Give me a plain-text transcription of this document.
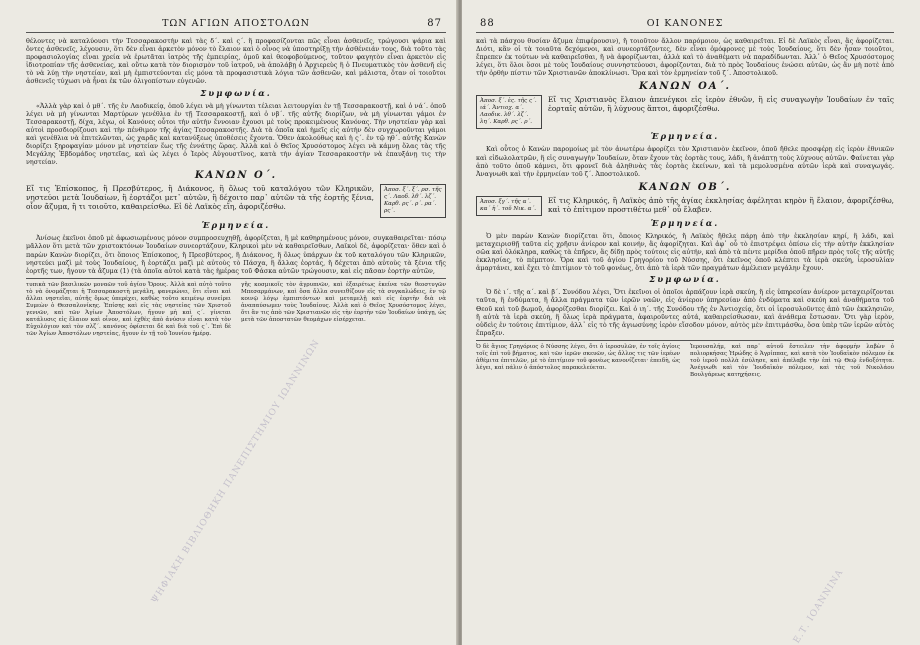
ΤΩΝ ΑΓΙΩΝ ΑΠΟΣΤΟΛΩΝ	87

θέλοντες νὰ καταλύουσι τὴν Τεσσαρακοστὴν καὶ τὰς δ΄. καὶ ς΄. ἢ προφασίζονται πῶς εἶναι ἀσθενεῖς, τρώγουσι ψάρια καὶ ὄντες ἀσθενεῖς, λέγουσιν, ὅτι δὲν εἶναι ἀρκετὸν μόνον τὸ ἔλαιον καὶ ὁ οἶνος νὰ ὑποστηρίξῃ τὴν ἀσθένειάν τους, διὰ τοῦτο τὰς προφασιολογίας εἶναι χρεία νὰ ἐρωτᾶται ἰατρὸς τῆς ἐμπειρίας, ὁμοῦ καὶ θεοφοβούμενος, τοῦτον φαγητὸν εἶναι ἀρκετὸν εἰς ἰδιοτροπίαν τῆς ἀσθενείας, καὶ οὕτω κατὰ τὸν διορισμὸν τοῦ ἰατροῦ, νὰ ἀπολάβῃ ὁ Ἀρχιερεὺς ἢ ὁ Πνευματικὸς τὸν ἀσθενῆ εἰς τὸ νὰ λύῃ τὴν νηστείαν, καὶ μὴ ἐμπιστεύονται εἰς μόνα τὰ προφασιστικὰ λόγια τῶν ἀσθενῶν, καὶ μάλιστα, ὅταν οἱ τοιοῦτοι ἀσθενεῖς τύχωσι νὰ ἦναι ἐκ τῶν ὀλιγοπίστων εὐγενῶν.

Συμφωνία.

«Ἀλλὰ γὰρ καὶ ὁ μθ΄. τῆς ἐν Λαοδικείᾳ, ὁποῦ λέγει νὰ μὴ γίνωνται τέλειαι λειτουργίαι ἐν τῇ Τεσσαρακοστῇ, καὶ ὁ νά΄. ὁποῦ λέγει νὰ μὴ γίνωνται Μαρτύρων γενέθλια ἐν τῇ Τεσσαρακοστῇ, καὶ ὁ νβ΄. τῆς αὐτῆς διορίζων, νὰ μὴ γίνωνται γάμοι ἐν Τεσσαρακοστῇ, δίχα, λέγω, οἱ Κανόνες οὗτοι τὴν αὐτὴν ἔννοιαν ἔχουσι μὲ τοὺς προκειμένους Κανόνας. Τὴν νηστείαν γὰρ καὶ αὐτοὶ προσδιορίζουσι καὶ τὴν πένθιμον τῆς ἁγίας Τεσσαρακοστῆς. Διὰ τὰ ὁποῖα καὶ ἡμεῖς εἰς αὐτὴν δὲν συγχωροῦνται γάμοι καὶ γενέθλια νὰ ἑπιτελῶνται, ὡς χαρᾶς καὶ κατανύξεως ὑποθέσεις ἔχοντα. Ὅθεν ἀκολούθως καὶ ἡ ς΄. ἐν τῷ ηθ΄. αὐτῆς Κανὼν διορίζει ξηροφαγίαν μόνον μὲ νηστείαν ἕως τῆς ἐννάτης ὥρας. Ἀλλὰ καὶ ὁ Θεῖος Χρυσόστομος λέγει νὰ κάμνῃ ὅλας τὰς τῆς Μεγάλης Ἑβδομάδος νηστεῖας, καὶ ὡς λέγει ὁ Ἱερὸς Αὐγουστῖνος, κατὰ τὴν ἁγίαν Τεσσαρακοστὴν νὰ ἐπαυξάνῃ τις τὴν νηστείαν.

ΚΑΝΩΝ Ο΄.
Εἴ τις Ἐπίσκοπος, ἢ Πρεσβύτερος, ἢ Διάκονος, ἢ ὅλως τοῦ καταλόγου τῶν Κληρικῶν, νηστεύοι μετὰ Ἰουδαίων, ἢ ἑορτάζοι μετ᾽ αὐτῶν, ἢ δέχοιτο παρ᾽ αὐτῶν τὰ τῆς ἑορτῆς ξένια, οἷον ἄζυμα, ἢ τι τοιοῦτο, καθαιρείσθω. Εἰ δὲ Λαϊκὸς εἴη, ἀφοριζέσθω.
Ἀποσ. ξ΄. ξ΄. ρσ. τῆς ς΄. Λαοδ. λθ΄. λζ΄. Καρθ. ρς΄. ρ΄. ρα΄. ρς΄.
Ἑρμηνεία.

Ἀνίσως ἐκεῖνοι ὁποῦ μὲ ἀφωσιωμένους μόνον συμπροσευχηθῇ, ἀφορίζεται, ἢ μὲ καθηρημένους μόνον, συγκαθαιρεῖται· πόσῳ μᾶλλον ὅτι μετὰ τῶν χριστοκτόνων Ἰουδαίων συνεορτάζουν, Κληρικοὶ μὲν νὰ καθαιρεῖσθων, Λαϊκοὶ δὲ, ἀφορίζεται· ὅθεν καὶ ὁ παρὼν Κανὼν διορίζει, ὅτι ὅποιος Ἐπίσκοπος, ἢ Πρεσβύτερος, ἢ Διάκονος, ἢ ὅλως ὑπάρχων ἐκ τοῦ καταλόγου τῶν Κληρικῶν, νηστεύει μαζὶ μὲ τοὺς Ἰουδαίους, ἢ ἑορτάζει μαζὶ μὲ αὐτοὺς τὸ Πάσχα, ἢ ἄλλας ἑορτάς, ἢ δέχεται ἀπὸ αὐτοὺς τὰ ξένια τῆς ἑορτῆς των, ἤγουν τὰ ἄζυμα (1) (τὰ ὁποῖα αὐτοὶ κατὰ τὰς ἡμέρας τοῦ Φάσκα αὐτῶν τρώγουσιν, καὶ εἰς πᾶσαν ἑορτὴν αὐτῶν,

τυπικὰ τῶν βασιλικῶν μοναῶν τοῦ ἁγίου Ὄρους. Ἀλλὰ καὶ αὐτὸ τοῦτο τὸ νὰ ὀνομάζηται ἡ Τεσσαρακοστὴ μεγάλη, φανερώνει, ὅτι εἶναι καὶ ἄλλαι νηστεῖαι, αὐτῆς ὅμως ὑπερέχει, καθὼς τοῦτο κειμένῳ συνείρει Συμεὼν ὁ Θεσσαλονίκης. Ἐπίσης καὶ εἰς τὰς νηστείας τῶν Χριστοῦ γεννῶν, καὶ τῶν Ἁγίων Ἀποστόλων, ἤγουν μὴ καὶ ς΄. γίνεται κατάλυσις εἰς ἔλαιον καὶ οἶνον, καὶ ἐχθὲς ἀπὸ ἀνύσιν εἶναι κατὰ τὸν Εὐχολόγιον καὶ τὸν σλζ΄. κανόνος ὀφίσεται δὲ καὶ διὰ τοῦ ς΄. Ἐπὶ δὲ τῶν Ἁγίων Ἀποστόλων νηστείας, ἤγουν ἐν τῇ τοῦ Ἰουνίου ἡμέρᾳ.

γῆς κοσμικοῖς τὸν ἀγρυπνῶν, καὶ ἐξαιρέτως ἐκείνα τῶν θεοστυγῶν Μπεσαρμάνων, καὶ ὅσα ἄλλα συνειθίζουν εἰς τὰ συγκαλώδεις, ἐν τῷ κοινῷ λόγῳ ἐμπιπτόντων καὶ μεταμελῇ καὶ εἰς ἑορτὴν διὰ νὰ ἀναπαύσωμεν τοὺς Ἰουδαίους. Ἀλλὰ καὶ ὁ Θεῖος Χρυσόστομος λέγει, ὅτι ἂν τις ἀπὸ τῶν Χριστιανῶν εἰς τὴν ἑορτὴν τῶν Ἰουδαίων ὑπάγῃ, ὡς μετὰ τῶν ἀποστατῶν θεομάχων εἰσέρχεται.

ΨΗΦΙΑΚΗ ΒΙΒΛΙΟΘΗΚΗ ΠΑΝΕΠΙΣΤΗΜΙΟΥ ΙΩΑΝΝΙΝΩΝ
88	ΟΙ ΚΑΝΟΝΕΣ

καὶ τὰ πάσχου θυσίαν ἄζυμα ἐπιφέρουσιν), ἢ τοιοῦτον ἄλλον παρόμοιον, ὡς καθαιρεῖται. Εἰ δὲ Λαϊκὸς εἶναι, ἂς ἀφορίζεται. Διότι, κἂν οἱ τὰ τοιαῦτα δεχόμενοι, καὶ συνεορτάζοντες, δὲν εἶναι ὁμόφρονες μὲ τοὺς Ἰουδαίους, ὅτι δὲν ἦσαν τοιοῦτοι, ἔπρεπεν ἐκ τούτων νὰ καθαιρεῖσθαι, ἢ νὰ ἀφορίζωνται, ἀλλὰ καὶ τὸ ἀναθέματι νὰ παραδίδωνται. Ἀλλ᾽ ὁ Θεῖος Χρυσόστομος λέγει, ὅτι ὅλοι ὅσοι μὲ τοὺς Ἰουδαίους συννηστεύουσι, ἀφορίζονται, διὰ τὸ πρὸς Ἰουδαίους ἑνώσει αὐτῶν, ὡς ἂν μὴ ποτὲ ἀπὸ τὴν ὀρθὴν πίστιν τῶν Χριστιανῶν ἀποκλίνωσι. Ὅρα καὶ τὸν ἑρμηνείαν τοῦ ζ΄. Ἀποστολικοῦ.

ΚΑΝΩΝ ΟΑ΄.
Ἀποσ. ξ΄. ἐς. τῆς ς΄. ιά΄. Ἀντιοχ. α΄. Λαοδικ. λθ΄. λζ΄. λη΄. Καρθ. ρς΄. ρ΄.
Εἴ τις Χριστιανὸς ἔλαιον ἀπενέγκοι εἰς ἱερὸν ἐθνῶν, ἢ εἰς συναγωγὴν Ἰουδαίων ἐν ταῖς ἑορταῖς αὐτῶν, ἢ λύχνους ἅπτοι, ἀφοριζέσθω.
Ἑρμηνεία.

Καὶ οὗτος ὁ Κανὼν παρομοίως μὲ τὸν ἀνωτέρω ἀφορίζει τὸν Χριστιανὸν ἐκεῖνον, ὁποῦ ἤθελε προσφέρῃ εἰς ἱερὸν ἐθνικῶν καὶ εἰδωλολατρῶν, ἢ εἰς συναγωγὴν Ἰουδαίων, ὅταν ἔχουν τὰς ἑορτὰς τους, λάδι, ἢ ἀνάπτῃ τοὺς λύχνους αὐτῶν. Φαίνεται γὰρ ἀπὸ τοῦτο ὁποῦ κάμνει, ὅτι φρονεῖ διὰ ἀληθινὰς τὰς ἑορτὰς ἐκείνων, καὶ τὰ μεμολυσμένα αὐτῶν ἱερὰ καὶ συναγωγάς. Ἀναγνωθι καὶ τὴν ἑρμηνείαν τοῦ ζ΄. Ἀποστολικοῦ.

ΚΑΝΩΝ ΟΒ΄.
Ἀποσ. ξγ΄. τῆς α΄. κα΄ ἡ΄. τοῦ Νικ. α΄.
Εἴ τις Κληρικός, ἢ Λαϊκὸς ἀπὸ τῆς ἁγίας ἐκκλησίας ἀφέληται κηρὸν ἢ ἔλαιον, ἀφοριζέσθω, καὶ τὸ ἐπίτιμον προστιθέτω μεθ᾽ οὗ ἔλαβεν.
Ἑρμηνεία.

Ὁ μὲν παρὼν Κανὼν διορίζεται ὅτι, ὅποιος Κληρικός, ἢ Λαϊκὸς ἤθελε πάρῃ ἀπὸ τὴν ἐκκλησίαν κηρί, ἢ λάδι, καὶ μεταχειρισθῇ ταῦτα εἰς χρῆσιν ἀνίερον καὶ κοινήν, ἂς ἀφορίζηται. Καὶ ἀφ᾽ οὗ τὸ ἐπιστρέψει ὀπίσω εἰς τὴν αὐτὴν ἐκκλησίαν σῶα καὶ ὁλόκληρα, καθὼς τὰ ἐπῆρεν, ἂς δίδῃ πρὸς τούτοις εἰς αὐτήν, καὶ ἀπὸ τὰ πέντε μερίδια ὁποῦ πῆρεν πρὸς τοῖς τῆς αὐτῆς ἐκκλησίας, τὸ πέμπτον. Ὅρα καὶ τοῦ ἁγίου Γρηγορίου τοῦ Νύσσης, ὅτι ἐκεῖνος ὁποῦ κλέπτει τὰ ἱερὰ σκεύη, ἱεροσυλίαν ἁμαρτάνει, καὶ ἔχει τὸ ἐπιτίμιον τὸ τοῦ φονέως, ὅτι ἀπὸ τὰ ἱερὰ τῶν πραγμάτων ἀμέλειαν μεγάλην ἔχουν.

Συμφωνία.

Ὁ δὲ ι΄. τῆς α΄. καὶ β΄. Συνόδου λέγει, Ὅτι ἐκεῖνοι οἱ ὁποῖοι ἀρπάζουν ἱερὰ σκεύη, ἢ εἰς ὑπηρεσίαν ἀνίερον μεταχειρίζονται ταῦτα, ἢ ἐνδύματα, ἢ ἄλλα πράγματα τῶν ἱερῶν ναῶν, εἰς ἀνίερον ὑπηρεσίαν ἀπὸ ἐνδύματα καὶ σκεύη καὶ ἀναθήματα τοῦ Θεοῦ καὶ τοῦ βωμοῦ, ἀφορίζεσθαι διορίζει. Καὶ ὁ ιη΄. τῆς Συνόδου τῆς ἐν Ἀντιοχείᾳ, ὅτι οἱ ἱεροσυλοῦντες ἀπὸ τῶν ἐκκλησιῶν, ἢ αὐτὰ τὰ ἱερὰ σκεύη, ἢ ὅλως ἱερὰ πράγματα, ἀφαιροῦντες αὐτά, καθαιρείσθωσαν, καὶ ἀνάθεμα ἔστωσαν. Ὅτι γὰρ ἱερὸν, οὐδεὶς ἐν τούτοις ἐπιτίμιον, ἀλλ᾽ εἰς τὸ τῆς ἁγιωσύνης ἱερὸν εἴσοδον μόνον, αὐτὸς μὲν ἐπιτιμάσθω, ὅσα ὑπὲρ τῶν ἱερῶν αὐτὸς ἔπραξεν.

Ὁ δὲ ἅγιος Γρηγόριος ὁ Νύσσης λέγει, ὅτι ὁ ἱεροσυλῶν, ἐν τοῖς ἁγίοις τοῖς ἐπὶ τοῦ βήματος, καὶ τῶν ἱερῶν σκευῶν, ὡς ἄλλος τις τῶν ἱερέων ἀθέμιτα ἐπιτελῶν, μὲ τὸ ἐπιτίμιον τοῦ φονέως κανονίζεται· ἐπειδὴ, ὡς λέγει, καὶ πάλιν ὁ ἀπόστολος παρακελεύεται.

Ἱερουσαλήμ, καὶ παρ᾽ αὐτοῦ ἔστειλεν τὴν ἀφορμὴν λαβὼν ὁ πολιορκήσας Ἡρώδης ὁ Ἀγρίππας, καὶ κατὰ τὸν Ἰουδαϊκὸν πόλεμον ἐκ τοῦ ἱεροῦ πολλὰ ἐσύλησε, καὶ ἀπέλαβε τὴν ἐπὶ τῷ Θεῷ ἐνδοξότητα. Ἀνέγνωθι καὶ τὸν Ἰουδαϊκὸν πόλεμον, καὶ τὰς τοῦ Νικολάου Βουλγάρεως κατηχήσεις.

Ε.Τ. ΙΟΑΝΝΙΝΑ
